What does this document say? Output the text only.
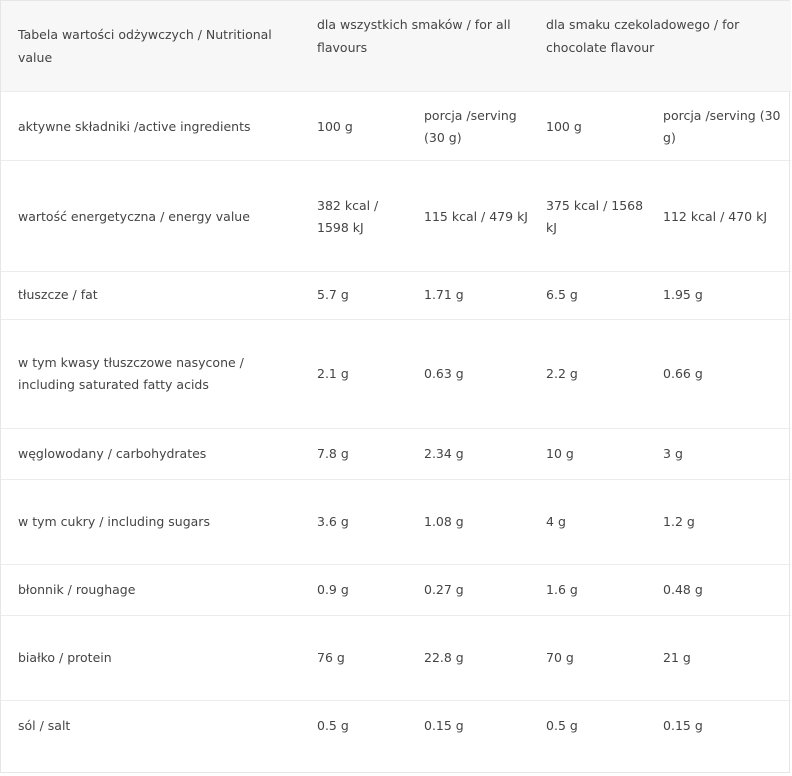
Tabela wartości odżywczych / Nutritional value	dla wszystkich smaków / for all flavours		dla smaku czekoladowego / for chocolate flavour	
aktywne składniki /active ingredients	100 g	porcja /serving (30 g)	100 g	porcja /serving (30 g)
wartość energetyczna / energy value	382 kcal / 1598 kJ	115 kcal / 479 kJ	375 kcal / 1568 kJ	112 kcal / 470 kJ
tłuszcze / fat	5.7 g	1.71 g	6.5 g	1.95 g
w tym kwasy tłuszczowe nasycone / including saturated fatty acids	2.1 g	0.63 g	2.2 g	0.66 g
węglowodany / carbohydrates	7.8 g	2.34 g	10 g	3 g
w tym cukry / including sugars	3.6 g	1.08 g	4 g	1.2 g
błonnik / roughage	0.9 g	0.27 g	1.6 g	0.48 g
białko / protein	76 g	22.8 g	70 g	21 g
sól / salt	0.5 g	0.15 g	0.5 g	0.15 g
